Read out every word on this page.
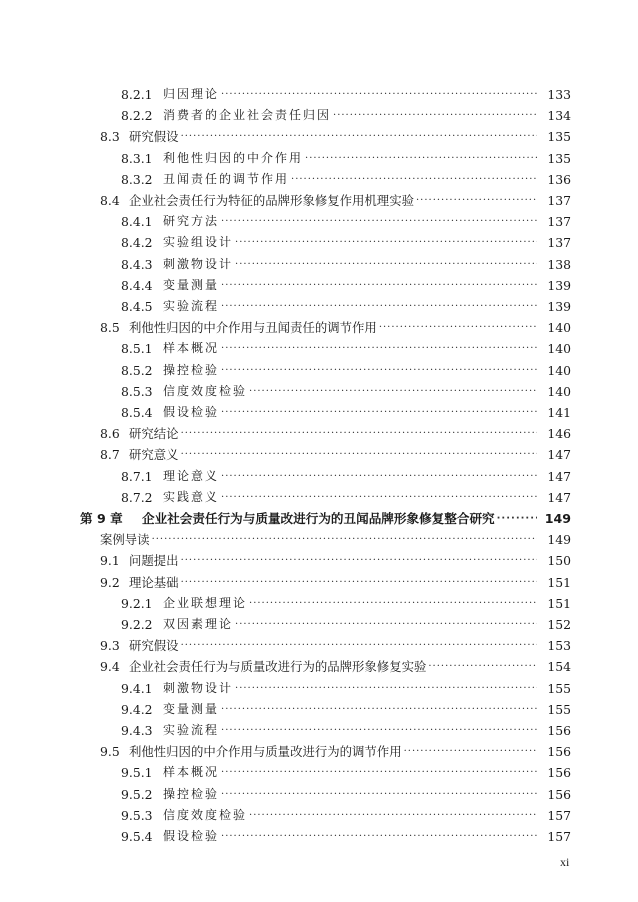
8.2.1 归因理论 ·····	133
8.2.2 消费者的企业社会责任归因 ·····	134
8.3 研究假设 ·····	135
8.3.1 利他性归因的中介作用 ·····	135
8.3.2 丑闻责任的调节作用 ·····	136
8.4 企业社会责任行为特征的品牌形象修复作用机理实验 ·····	137
8.4.1 研究方法 ·····	137
8.4.2 实验组设计 ·····	137
8.4.3 刺激物设计 ·····	138
8.4.4 变量测量 ·····	139
8.4.5 实验流程 ·····	139
8.5 利他性归因的中介作用与丑闻责任的调节作用 ·····	140
8.5.1 样本概况 ·····	140
8.5.2 操控检验 ·····	140
8.5.3 信度效度检验 ·····	140
8.5.4 假设检验 ·····	141
8.6 研究结论 ·····	146
8.7 研究意义 ·····	147
8.7.1 理论意义 ·····	147
8.7.2 实践意义 ·····	147
第 9 章	企业社会责任行为与质量改进行为的丑闻品牌形象修复整合研究 ·····	149
案例导读 ·····	149
9.1 问题提出 ·····	150
9.2 理论基础 ·····	151
9.2.1 企业联想理论 ·····	151
9.2.2 双因素理论 ·····	152
9.3 研究假设 ·····	153
9.4 企业社会责任行为与质量改进行为的品牌形象修复实验 ·····	154
9.4.1 刺激物设计 ·····	155
9.4.2 变量测量 ·····	155
9.4.3 实验流程 ·····	156
9.5 利他性归因的中介作用与质量改进行为的调节作用 ·····	156
9.5.1 样本概况 ·····	156
9.5.2 操控检验 ·····	156
9.5.3 信度效度检验 ·····	157
9.5.4 假设检验 ·····	157
xi
